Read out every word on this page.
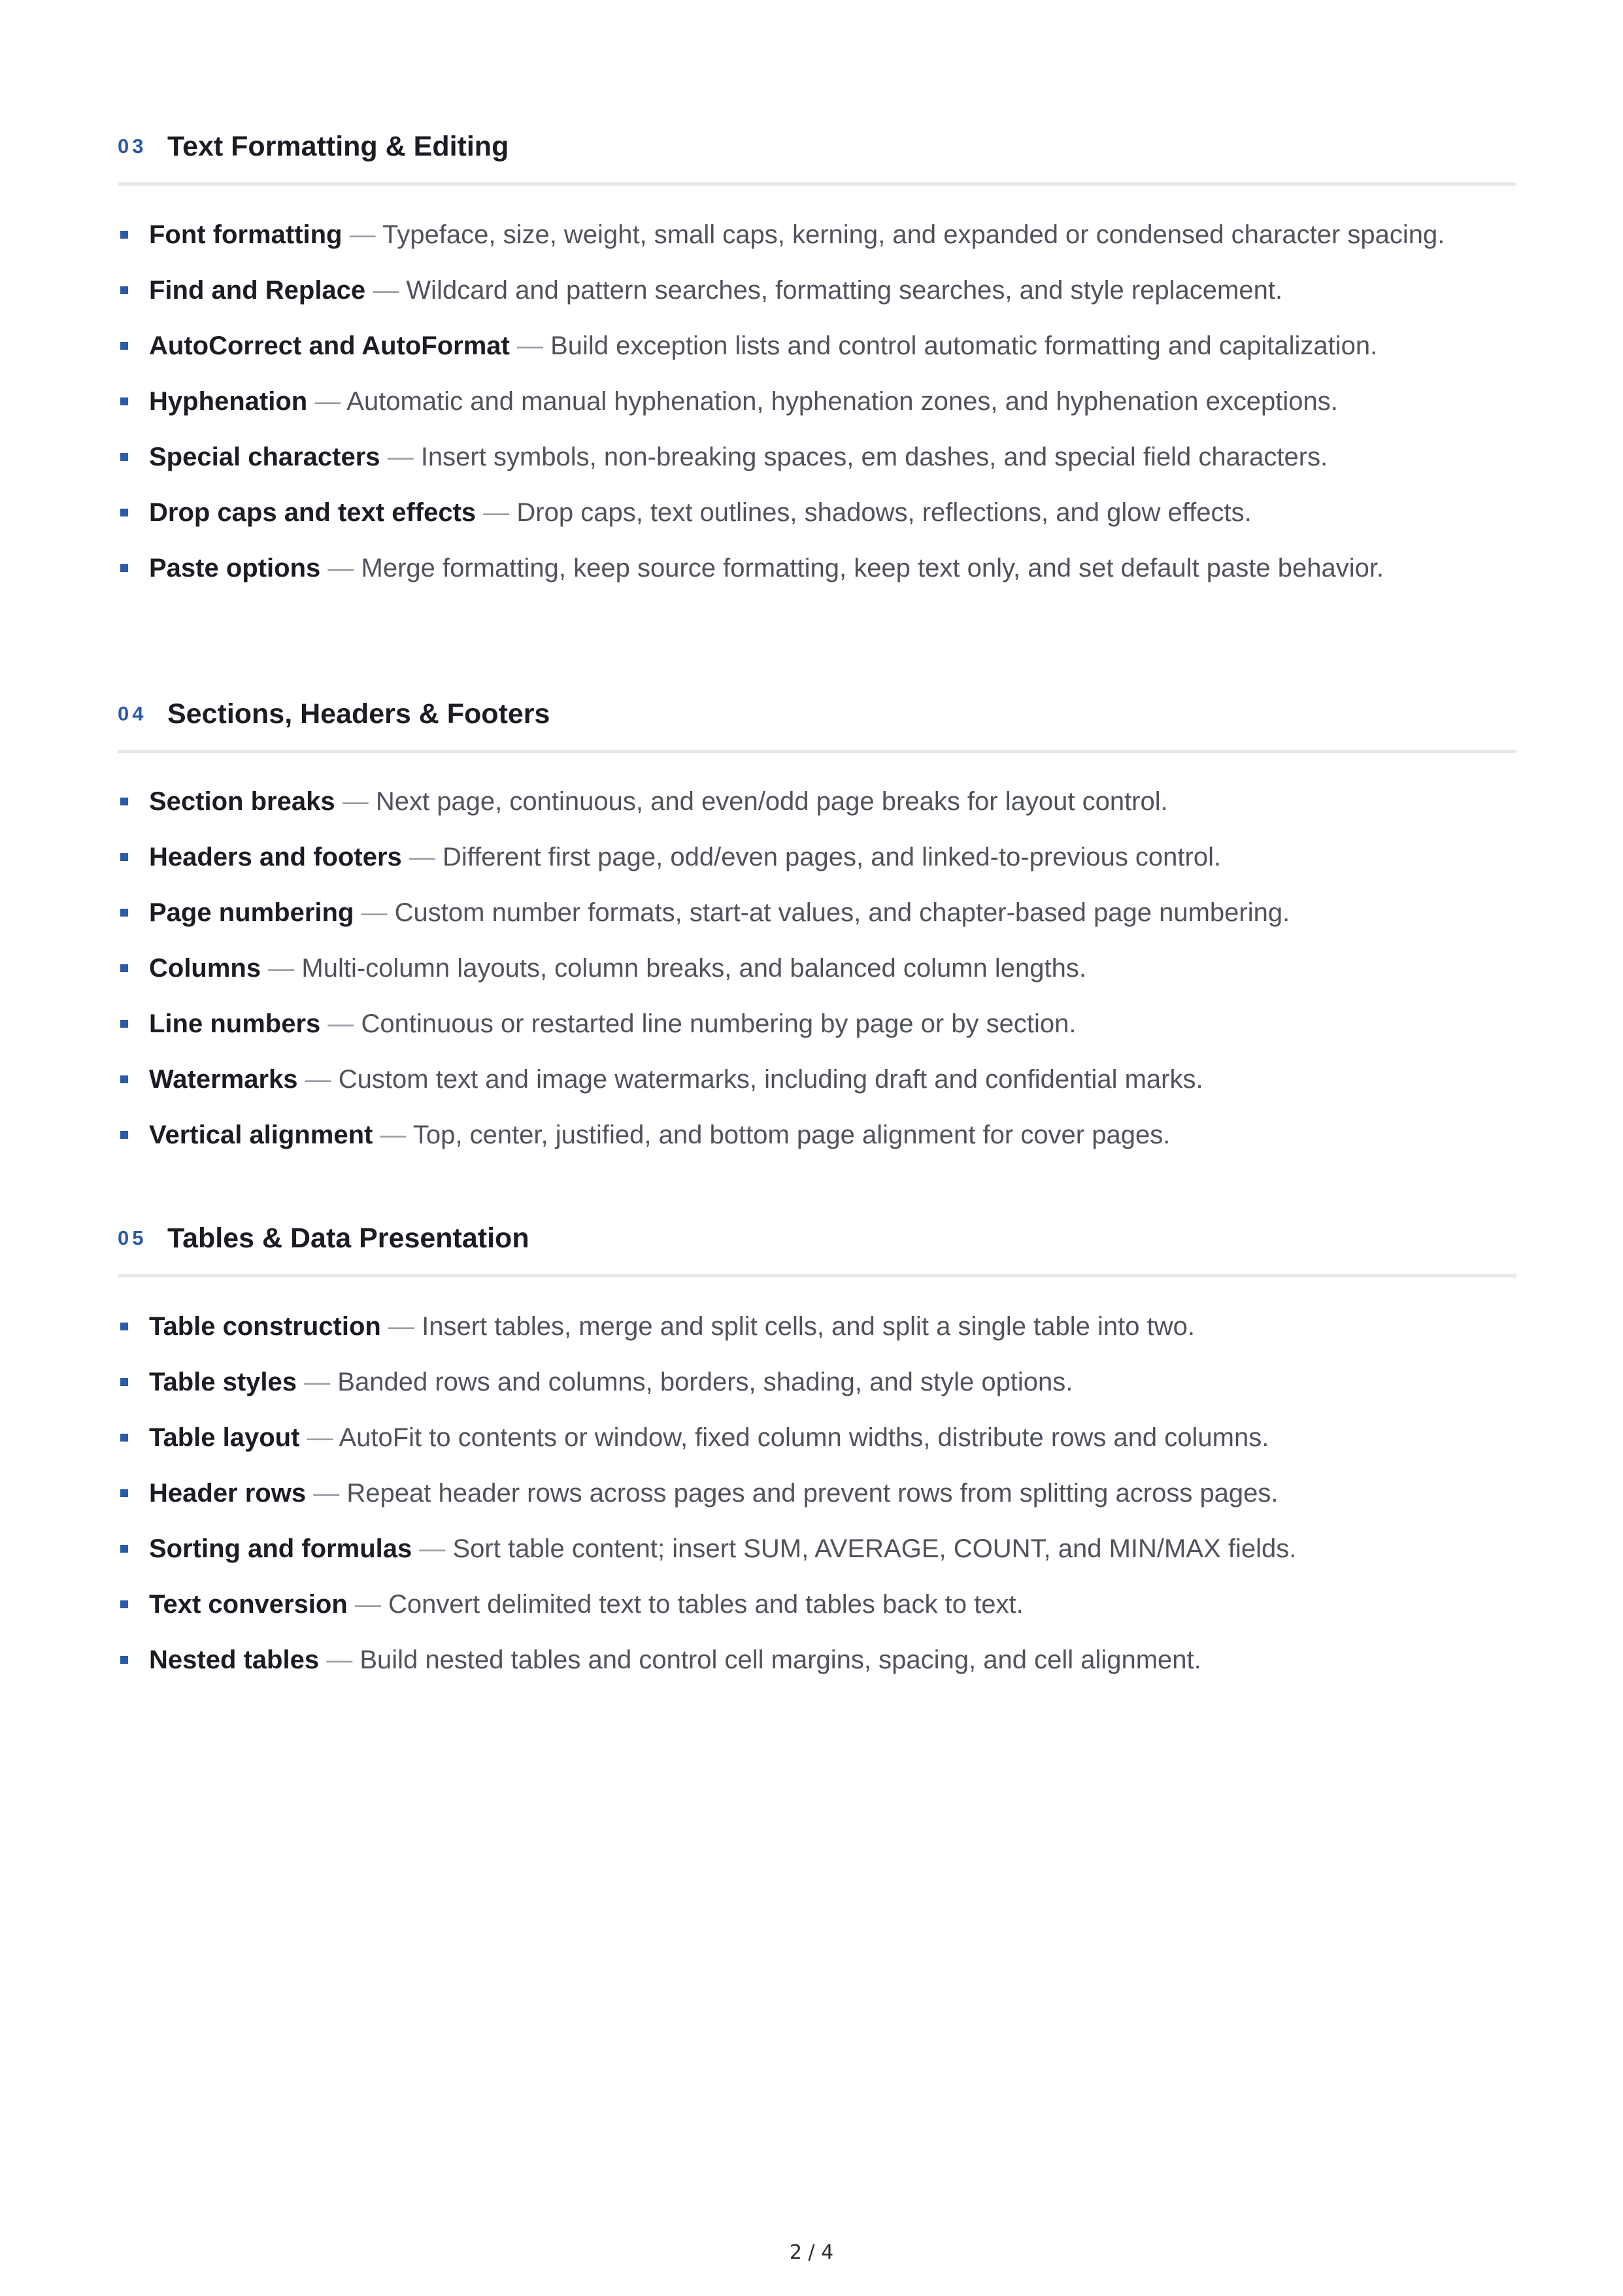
03 Text Formatting & Editing
Font formatting — Typeface, size, weight, small caps, kerning, and expanded or condensed character spacing.
Find and Replace — Wildcard and pattern searches, formatting searches, and style replacement.
AutoCorrect and AutoFormat — Build exception lists and control automatic formatting and capitalization.
Hyphenation — Automatic and manual hyphenation, hyphenation zones, and hyphenation exceptions.
Special characters — Insert symbols, non-breaking spaces, em dashes, and special field characters.
Drop caps and text effects — Drop caps, text outlines, shadows, reflections, and glow effects.
Paste options — Merge formatting, keep source formatting, keep text only, and set default paste behavior.
04 Sections, Headers & Footers
Section breaks — Next page, continuous, and even/odd page breaks for layout control.
Headers and footers — Different first page, odd/even pages, and linked-to-previous control.
Page numbering — Custom number formats, start-at values, and chapter-based page numbering.
Columns — Multi-column layouts, column breaks, and balanced column lengths.
Line numbers — Continuous or restarted line numbering by page or by section.
Watermarks — Custom text and image watermarks, including draft and confidential marks.
Vertical alignment — Top, center, justified, and bottom page alignment for cover pages.
05 Tables & Data Presentation
Table construction — Insert tables, merge and split cells, and split a single table into two.
Table styles — Banded rows and columns, borders, shading, and style options.
Table layout — AutoFit to contents or window, fixed column widths, distribute rows and columns.
Header rows — Repeat header rows across pages and prevent rows from splitting across pages.
Sorting and formulas — Sort table content; insert SUM, AVERAGE, COUNT, and MIN/MAX fields.
Text conversion — Convert delimited text to tables and tables back to text.
Nested tables — Build nested tables and control cell margins, spacing, and cell alignment.
2 / 4
